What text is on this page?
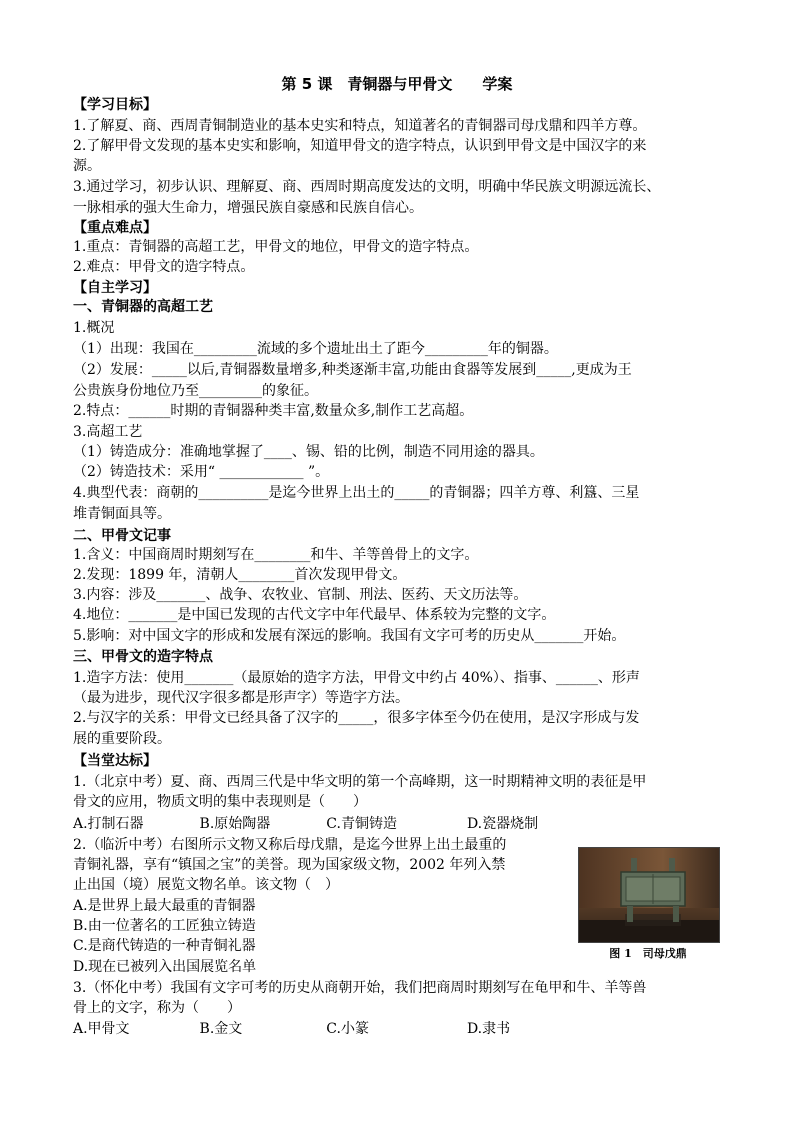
第 5 课　青铜器与甲骨文　　学案
【学习目标】
1.了解夏、商、西周青铜制造业的基本史实和特点，知道著名的青铜器司母戊鼎和四羊方尊。
2.了解甲骨文发现的基本史实和影响，知道甲骨文的造字特点，认识到甲骨文是中国汉字的来
源。
3.通过学习，初步认识、理解夏、商、西周时期高度发达的文明，明确中华民族文明源远流长、
一脉相承的强大生命力，增强民族自豪感和民族自信心。
【重点难点】
1.重点：青铜器的高超工艺，甲骨文的地位，甲骨文的造字特点。
2.难点：甲骨文的造字特点。
【自主学习】
一、青铜器的高超工艺
1.概况
（1）出现：我国在_________流域的多个遗址出土了距今_________年的铜器。
（2）发展：_____以后,青铜器数量增多,种类逐渐丰富,功能由食器等发展到_____,更成为王
公贵族身份地位乃至_________的象征。
2.特点：______时期的青铜器种类丰富,数量众多,制作工艺高超。
3.高超工艺
（1）铸造成分：准确地掌握了____、锡、铅的比例，制造不同用途的器具。
（2）铸造技术：采用“ ____________ ”。
4.典型代表：商朝的__________是迄今世界上出土的_____的青铜器；四羊方尊、利簋、三星
堆青铜面具等。
二、甲骨文记事
1.含义：中国商周时期刻写在________和牛、羊等兽骨上的文字。
2.发现：1899 年，清朝人________首次发现甲骨文。
3.内容：涉及_______、战争、农牧业、官制、刑法、医药、天文历法等。
4.地位：_______是中国已发现的古代文字中年代最早、体系较为完整的文字。
5.影响：对中国文字的形成和发展有深远的影响。我国有文字可考的历史从_______开始。
三、甲骨文的造字特点
1.造字方法：使用_______（最原始的造字方法，甲骨文中约占 40%）、指事、______、形声
（最为进步，现代汉字很多都是形声字）等造字方法。
2.与汉字的关系：甲骨文已经具备了汉字的_____，很多字体至今仍在使用，是汉字形成与发
展的重要阶段。
【当堂达标】
1.（北京中考）夏、商、西周三代是中华文明的第一个高峰期，这一时期精神文明的表征是甲
骨文的应用，物质文明的集中表现则是（　　）
A.打制石器　　　　B.原始陶器　　　　C.青铜铸造　　　　　D.瓷器烧制
2.（临沂中考）右图所示文物又称后母戊鼎，是迄今世界上出土最重的
青铜礼器，享有“镇国之宝”的美誉。现为国家级文物，2002 年列入禁
止出国（境）展览文物名单。该文物（　）
A.是世界上最大最重的青铜器
B.由一位著名的工匠独立铸造
C.是商代铸造的一种青铜礼器
D.现在已被列入出国展览名单
3.（怀化中考）我国有文字可考的历史从商朝开始，我们把商周时期刻写在龟甲和牛、羊等兽
骨上的文字，称为（　　）
A.甲骨文　　　　　B.金文　　　　　　C.小篆　　　　　　　D.隶书
图 1　司母戊鼎
